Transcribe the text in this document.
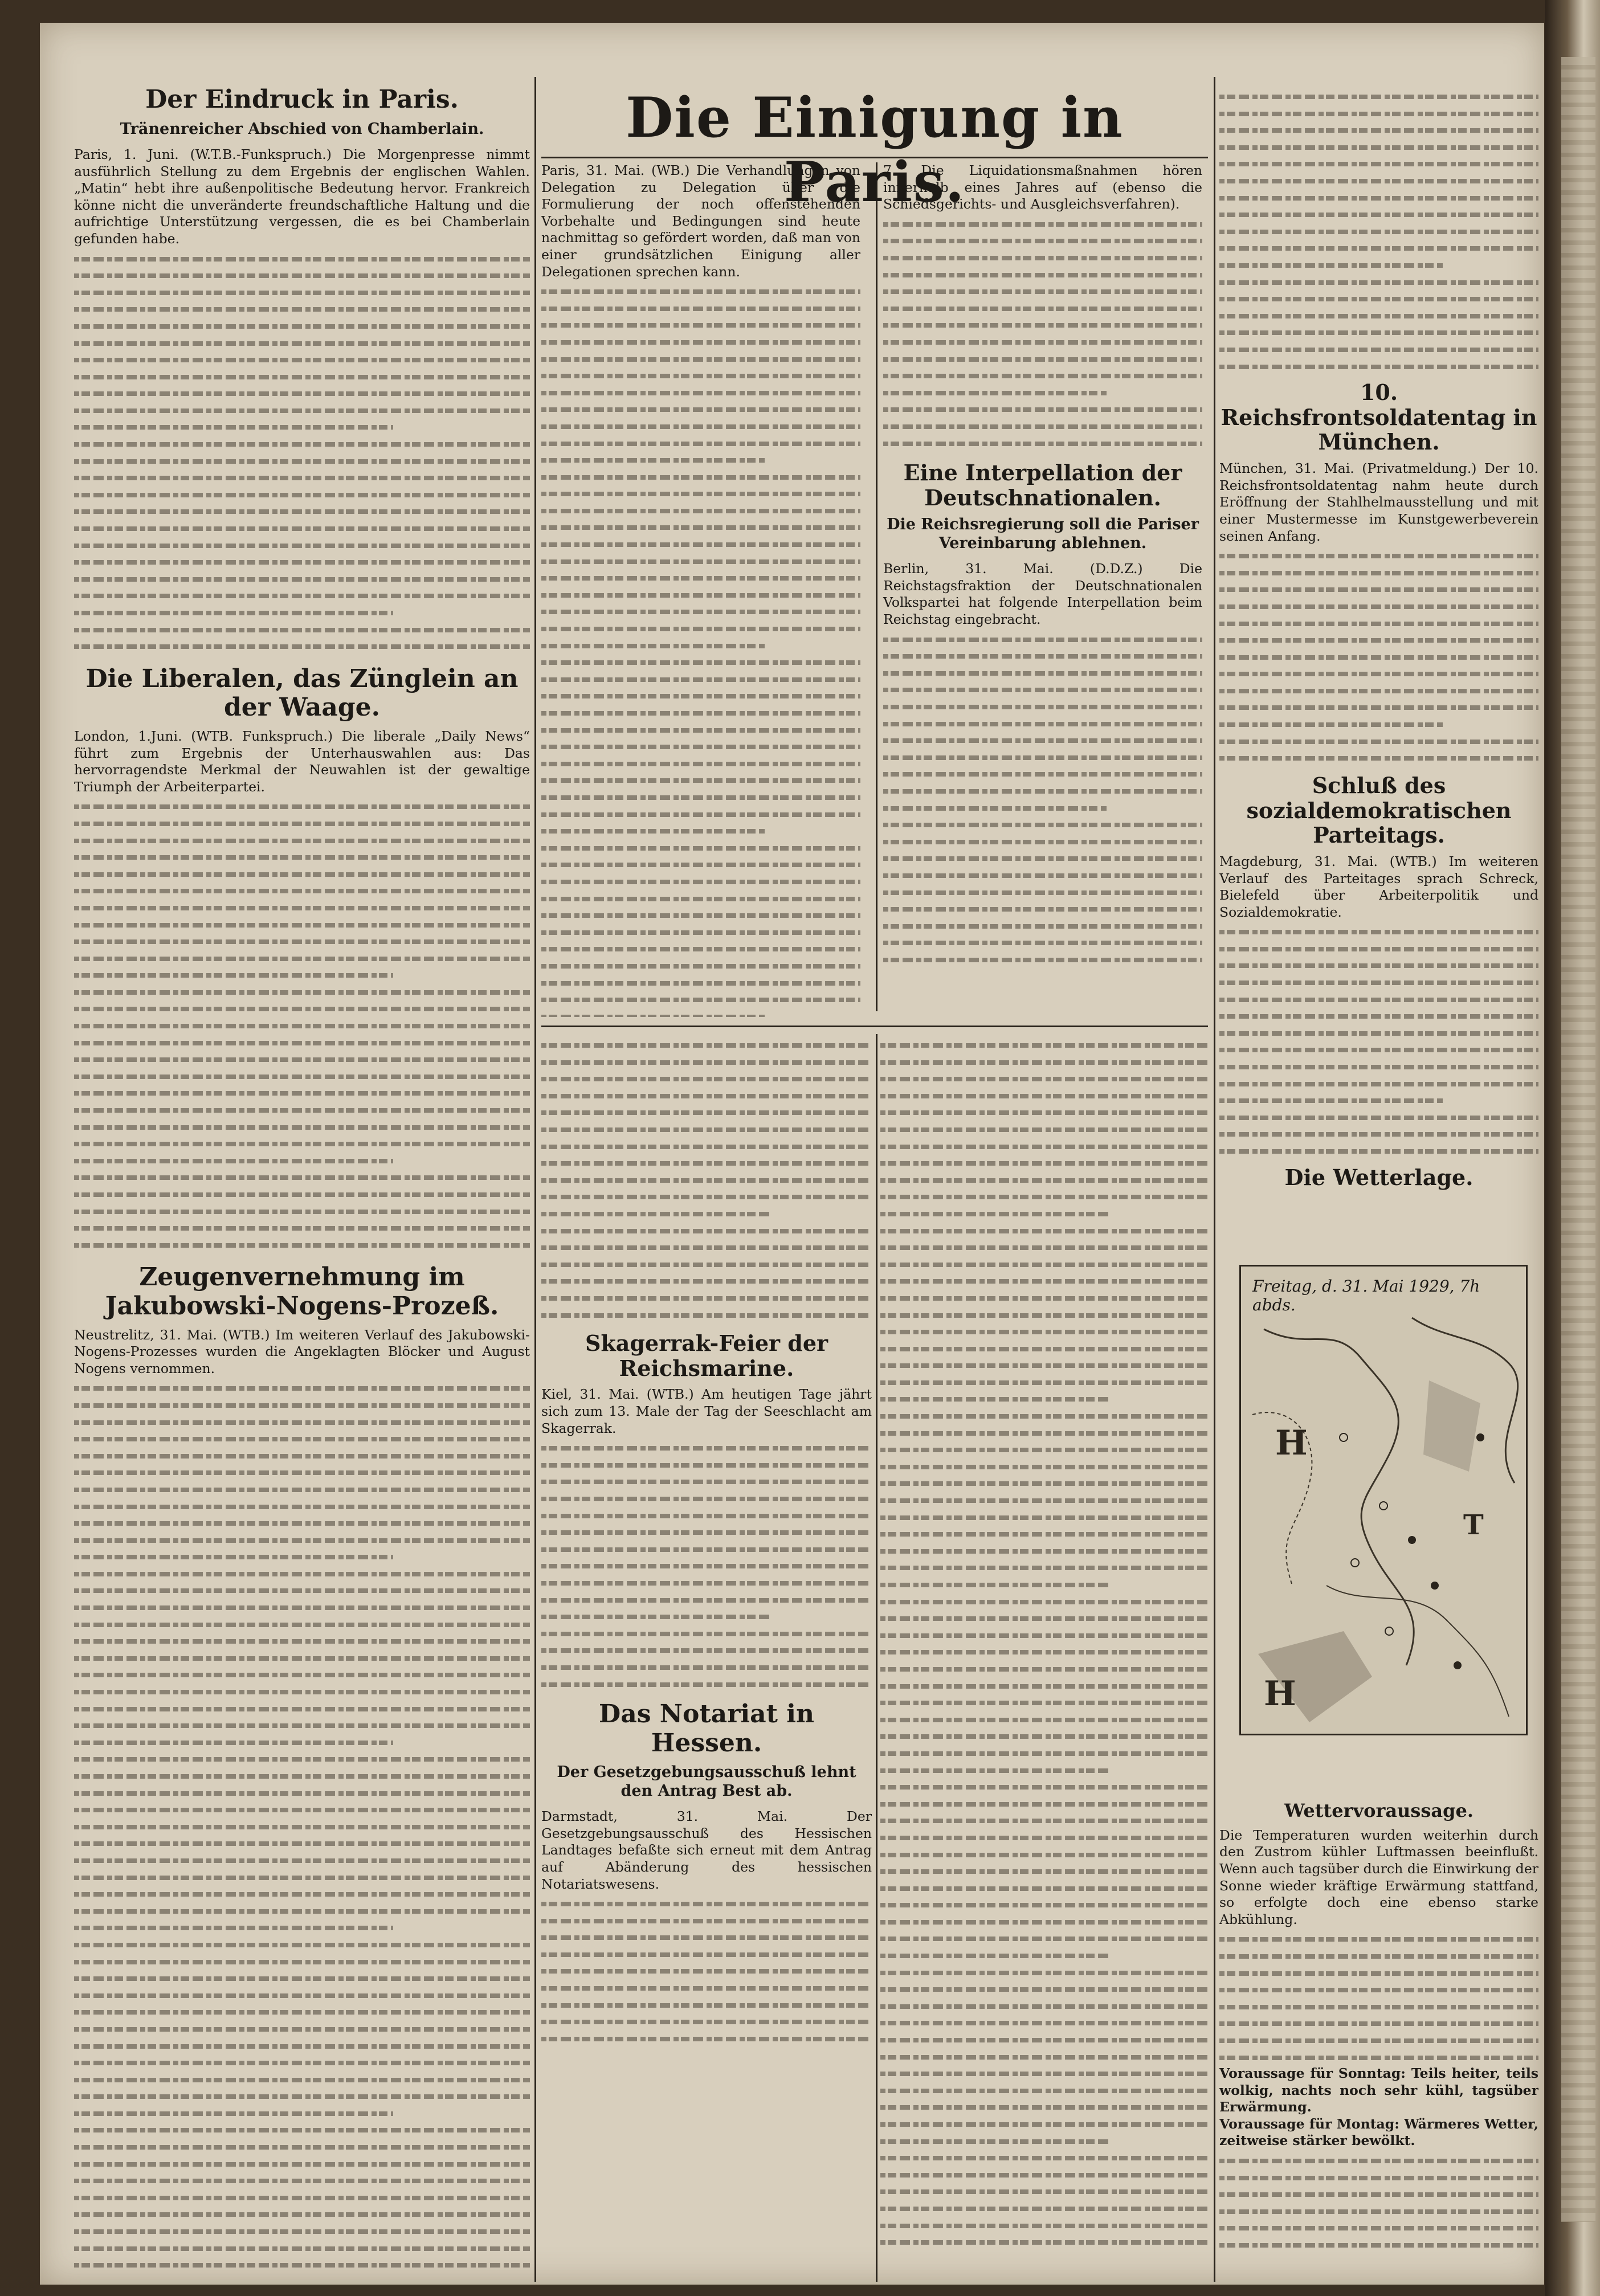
Die Einigung in Paris.
Der Eindruck in Paris.
Tränenreicher Abschied von Chamberlain.

Paris, 1. Juni. (W.T.B.-Funkspruch.) Die Morgenpresse nimmt ausführlich Stellung zu dem Ergebnis der englischen Wahlen. „Matin“ hebt ihre außenpolitische Bedeutung hervor. Frankreich könne nicht die unveränderte freundschaftliche Haltung und die aufrichtige Unterstützung vergessen, die es bei Chamberlain gefunden habe.

Die Liberalen, das Zünglein an der Waage.

London, 1.Juni. (WTB. Funkspruch.) Die liberale „Daily News“ führt zum Ergebnis der Unterhauswahlen aus: Das hervorragendste Merkmal der Neuwahlen ist der gewaltige Triumph der Arbeiterpartei.

Zeugenvernehmung im Jakubowski-Nogens-Prozeß.

Neustrelitz, 31. Mai. (WTB.) Im weiteren Verlauf des Jakubowski-Nogens-Prozesses wurden die Angeklagten Blöcker und August Nogens vernommen.

Paris, 31. Mai. (WB.) Die Verhandlungen von Delegation zu Delegation über die Formulierung der noch offenstehenden Vorbehalte und Bedingungen sind heute nachmittag so gefördert worden, daß man von einer grundsätzlichen Einigung aller Delegationen sprechen kann.

7. Die Liquidationsmaßnahmen hören innerhalb eines Jahres auf (ebenso die Schiedsgerichts- und Ausgleichsverfahren).

Eine Interpellation der Deutschnationalen.
Die Reichsregierung soll die Pariser Vereinbarung ablehnen.

Berlin, 31. Mai. (D.D.Z.) Die Reichstagsfraktion der Deutschnationalen Volkspartei hat folgende Interpellation beim Reichstag eingebracht.

Skagerrak-Feier der Reichsmarine.

Kiel, 31. Mai. (WTB.) Am heutigen Tage jährt sich zum 13. Male der Tag der Seeschlacht am Skagerrak.

Das Notariat in Hessen.
Der Gesetzgebungsausschuß lehnt den Antrag Best ab.

Darmstadt, 31. Mai. Der Gesetzgebungsausschuß des Hessischen Landtages befaßte sich erneut mit dem Antrag auf Abänderung des hessischen Notariatswesens.

10. Reichsfrontsoldatentag in München.

München, 31. Mai. (Privatmeldung.) Der 10. Reichsfrontsoldatentag nahm heute durch Eröffnung der Stahlhelmausstellung und mit einer Mustermesse im Kunstgewerbeverein seinen Anfang.

Schluß des sozialdemokratischen Parteitags.

Magdeburg, 31. Mai. (WTB.) Im weiteren Verlauf des Parteitages sprach Schreck, Bielefeld über Arbeiterpolitik und Sozialdemokratie.

Die Wetterlage.
Freitag, d. 31. Mai 1929, 7h abds.
H
H
T
Wettervoraussage.

Die Temperaturen wurden weiterhin durch den Zustrom kühler Luftmassen beeinflußt. Wenn auch tagsüber durch die Einwirkung der Sonne wieder kräftige Erwärmung stattfand, so erfolgte doch eine ebenso starke Abkühlung.

Voraussage für Sonntag: Teils heiter, teils wolkig, nachts noch sehr kühl, tagsüber Erwärmung.

Voraussage für Montag: Wärmeres Wetter, zeitweise stärker bewölkt.
